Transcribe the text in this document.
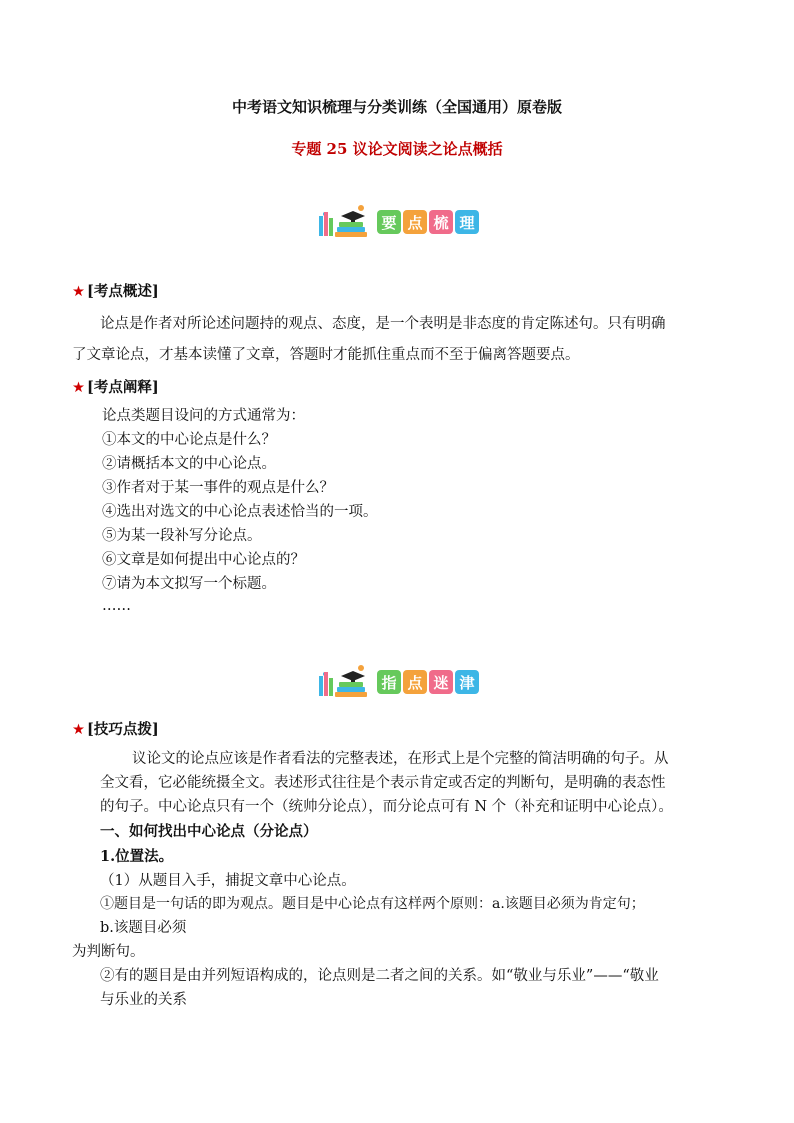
中考语文知识梳理与分类训练（全国通用）原卷版
专题 25 议论文阅读之论点概括
要 点 梳 理
★ [考点概述]
论点是作者对所论述问题持的观点、态度，是一个表明是非态度的肯定陈述句。只有明确
了文章论点，才基本读懂了文章，答题时才能抓住重点而不至于偏离答题要点。
★ [考点阐释]
论点类题目设问的方式通常为：
①本文的中心论点是什么？
②请概括本文的中心论点。
③作者对于某一事件的观点是什么？
④选出对选文的中心论点表述恰当的一项。
⑤为某一段补写分论点。
⑥文章是如何提出中心论点的？
⑦请为本文拟写一个标题。
……
指 点 迷 津
★ [技巧点拨]
议论文的论点应该是作者看法的完整表述，在形式上是个完整的简洁明确的句子。从
全文看，它必能统摄全文。表述形式往往是个表示肯定或否定的判断句，是明确的表态性
的句子。中心论点只有一个（统帅分论点），而分论点可有 N 个（补充和证明中心论点）。
一、如何找出中心论点（分论点）
1.位置法。
（1）从题目入手，捕捉文章中心论点。
①题目是一句话的即为观点。题目是中心论点有这样两个原则：a.该题目必须为肯定句；
b.该题目必须
为判断句。
②有的题目是由并列短语构成的，论点则是二者之间的关系。如“敬业与乐业”——“敬业
与乐业的关系
